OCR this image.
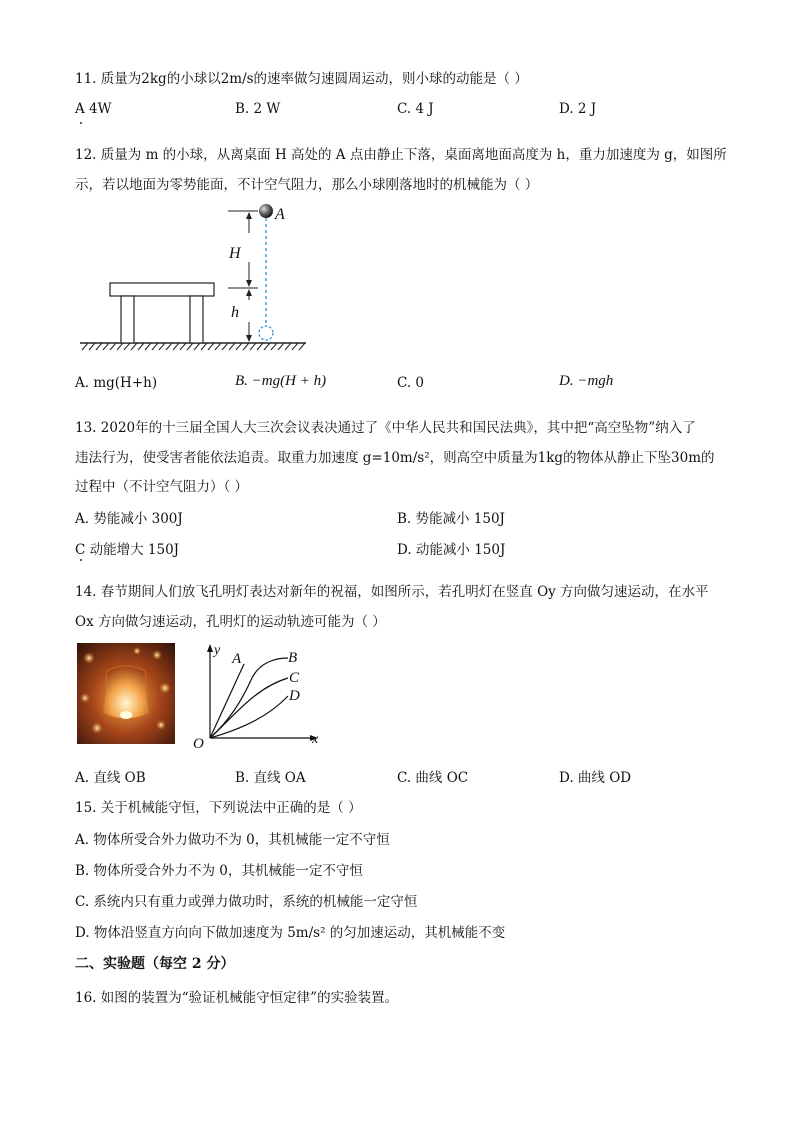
11. 质量为2kg的小球以2m/s的速率做匀速圆周运动，则小球的动能是（ ）
A 4W	B. 2 W	C. 4 J	D. 2 J
12. 质量为 m 的小球，从离桌面 H 高处的 A 点由静止下落，桌面离地面高度为 h，重力加速度为 g，如图所
示，若以地面为零势能面，不计空气阻力，那么小球刚落地时的机械能为（ ）
A
H
h
A. mg(H+h)	B. −mg(H + h)	C. 0	D. −mgh
13. 2020年的十三届全国人大三次会议表决通过了《中华人民共和国民法典》，其中把“高空坠物”纳入了
违法行为，使受害者能依法追责。取重力加速度 g=10m/s²，则高空中质量为1kg的物体从静止下坠30m的
过程中（不计空气阻力）（ ）
A. 势能减小 300J	B. 势能减小 150J
C 动能增大 150J	D. 动能减小 150J
14. 春节期间人们放飞孔明灯表达对新年的祝福，如图所示，若孔明灯在竖直 Oy 方向做匀速运动，在水平
Ox 方向做匀速运动，孔明灯的运动轨迹可能为（ ）
y
x
O
A	B
C
D
A. 直线 OB	B. 直线 OA	C. 曲线 OC	D. 曲线 OD
15. 关于机械能守恒，下列说法中正确的是（ ）
A. 物体所受合外力做功不为 0，其机械能一定不守恒
B. 物体所受合外力不为 0，其机械能一定不守恒
C. 系统内只有重力或弹力做功时，系统的机械能一定守恒
D. 物体沿竖直方向向下做加速度为 5m/s² 的匀加速运动，其机械能不变
二、实验题（每空 2 分）
16. 如图的装置为“验证机械能守恒定律”的实验装置。
